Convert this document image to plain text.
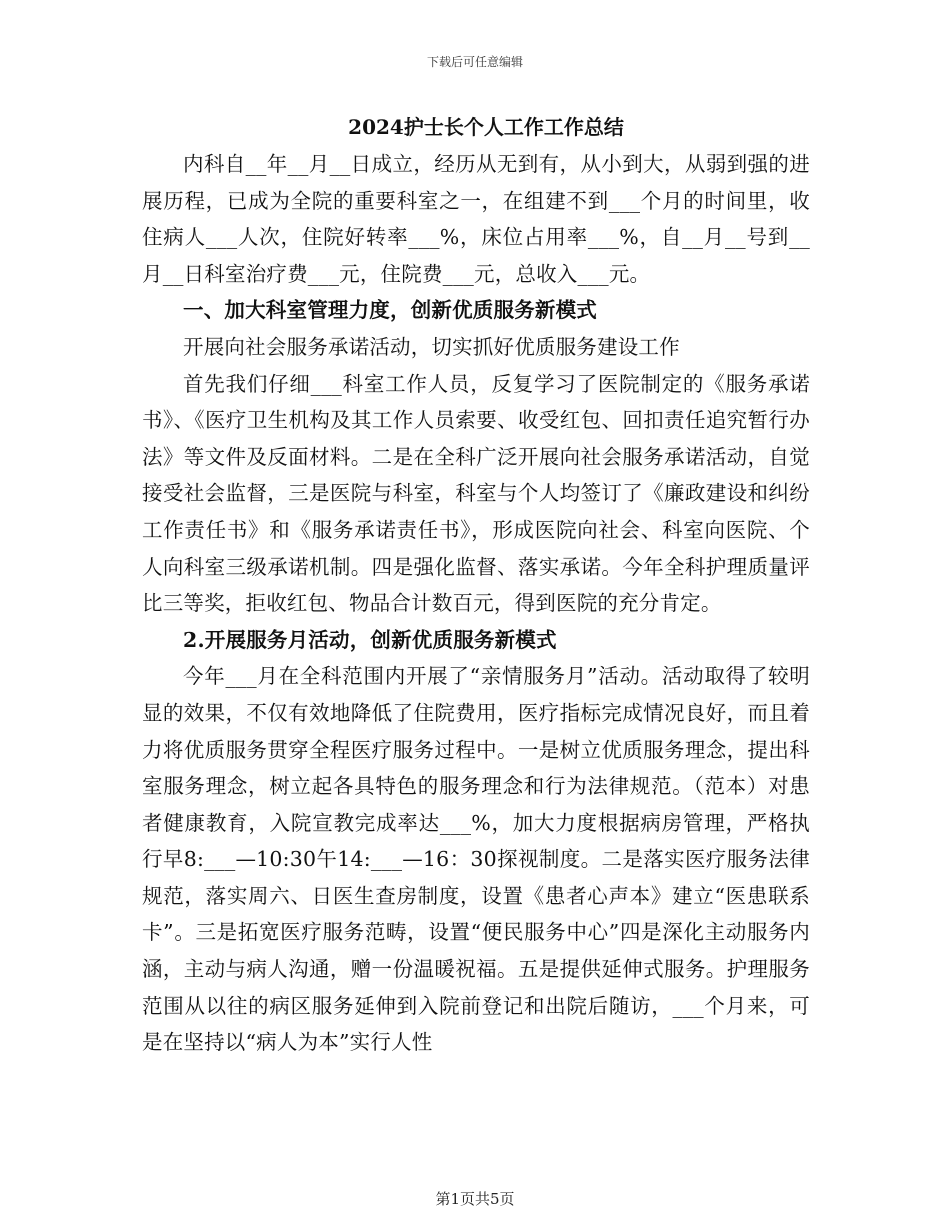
下载后可任意编辑

2024护士长个人工作工作总结

内科自__年__月__日成立，经历从无到有，从小到大，从弱到强的进展历程，已成为全院的重要科室之一，在组建不到___个月的时间里，收住病人___人次，住院好转率___%，床位占用率___%，自__月__号到__月__日科室治疗费___元，住院费___元，总收入___元。

一、加大科室管理力度，创新优质服务新模式

开展向社会服务承诺活动，切实抓好优质服务建设工作

首先我们仔细___科室工作人员，反复学习了医院制定的《服务承诺书》、《医疗卫生机构及其工作人员索要、收受红包、回扣责任追究暂行办法》等文件及反面材料。二是在全科广泛开展向社会服务承诺活动，自觉接受社会监督，三是医院与科室，科室与个人均签订了《廉政建设和纠纷工作责任书》和《服务承诺责任书》，形成医院向社会、科室向医院、个人向科室三级承诺机制。四是强化监督、落实承诺。今年全科护理质量评比三等奖，拒收红包、物品合计数百元，得到医院的充分肯定。

2.开展服务月活动，创新优质服务新模式

今年___月在全科范围内开展了“亲情服务月”活动。活动取得了较明显的效果，不仅有效地降低了住院费用，医疗指标完成情况良好，而且着力将优质服务贯穿全程医疗服务过程中。一是树立优质服务理念，提出科室服务理念，树立起各具特色的服务理念和行为法律规范。（范本）对患者健康教育，入院宣教完成率达___%，加大力度根据病房管理，严格执行早8:___—10:30午14:___—16：30探视制度。二是落实医疗服务法律规范，落实周六、日医生查房制度，设置《患者心声本》建立“医患联系卡”。三是拓宽医疗服务范畴，设置“便民服务中心”四是深化主动服务内涵，主动与病人沟通，赠一份温暖祝福。五是提供延伸式服务。护理服务范围从以往的病区服务延伸到入院前登记和出院后随访，___个月来，可是在坚持以“病人为本”实行人性

第1页共5页
